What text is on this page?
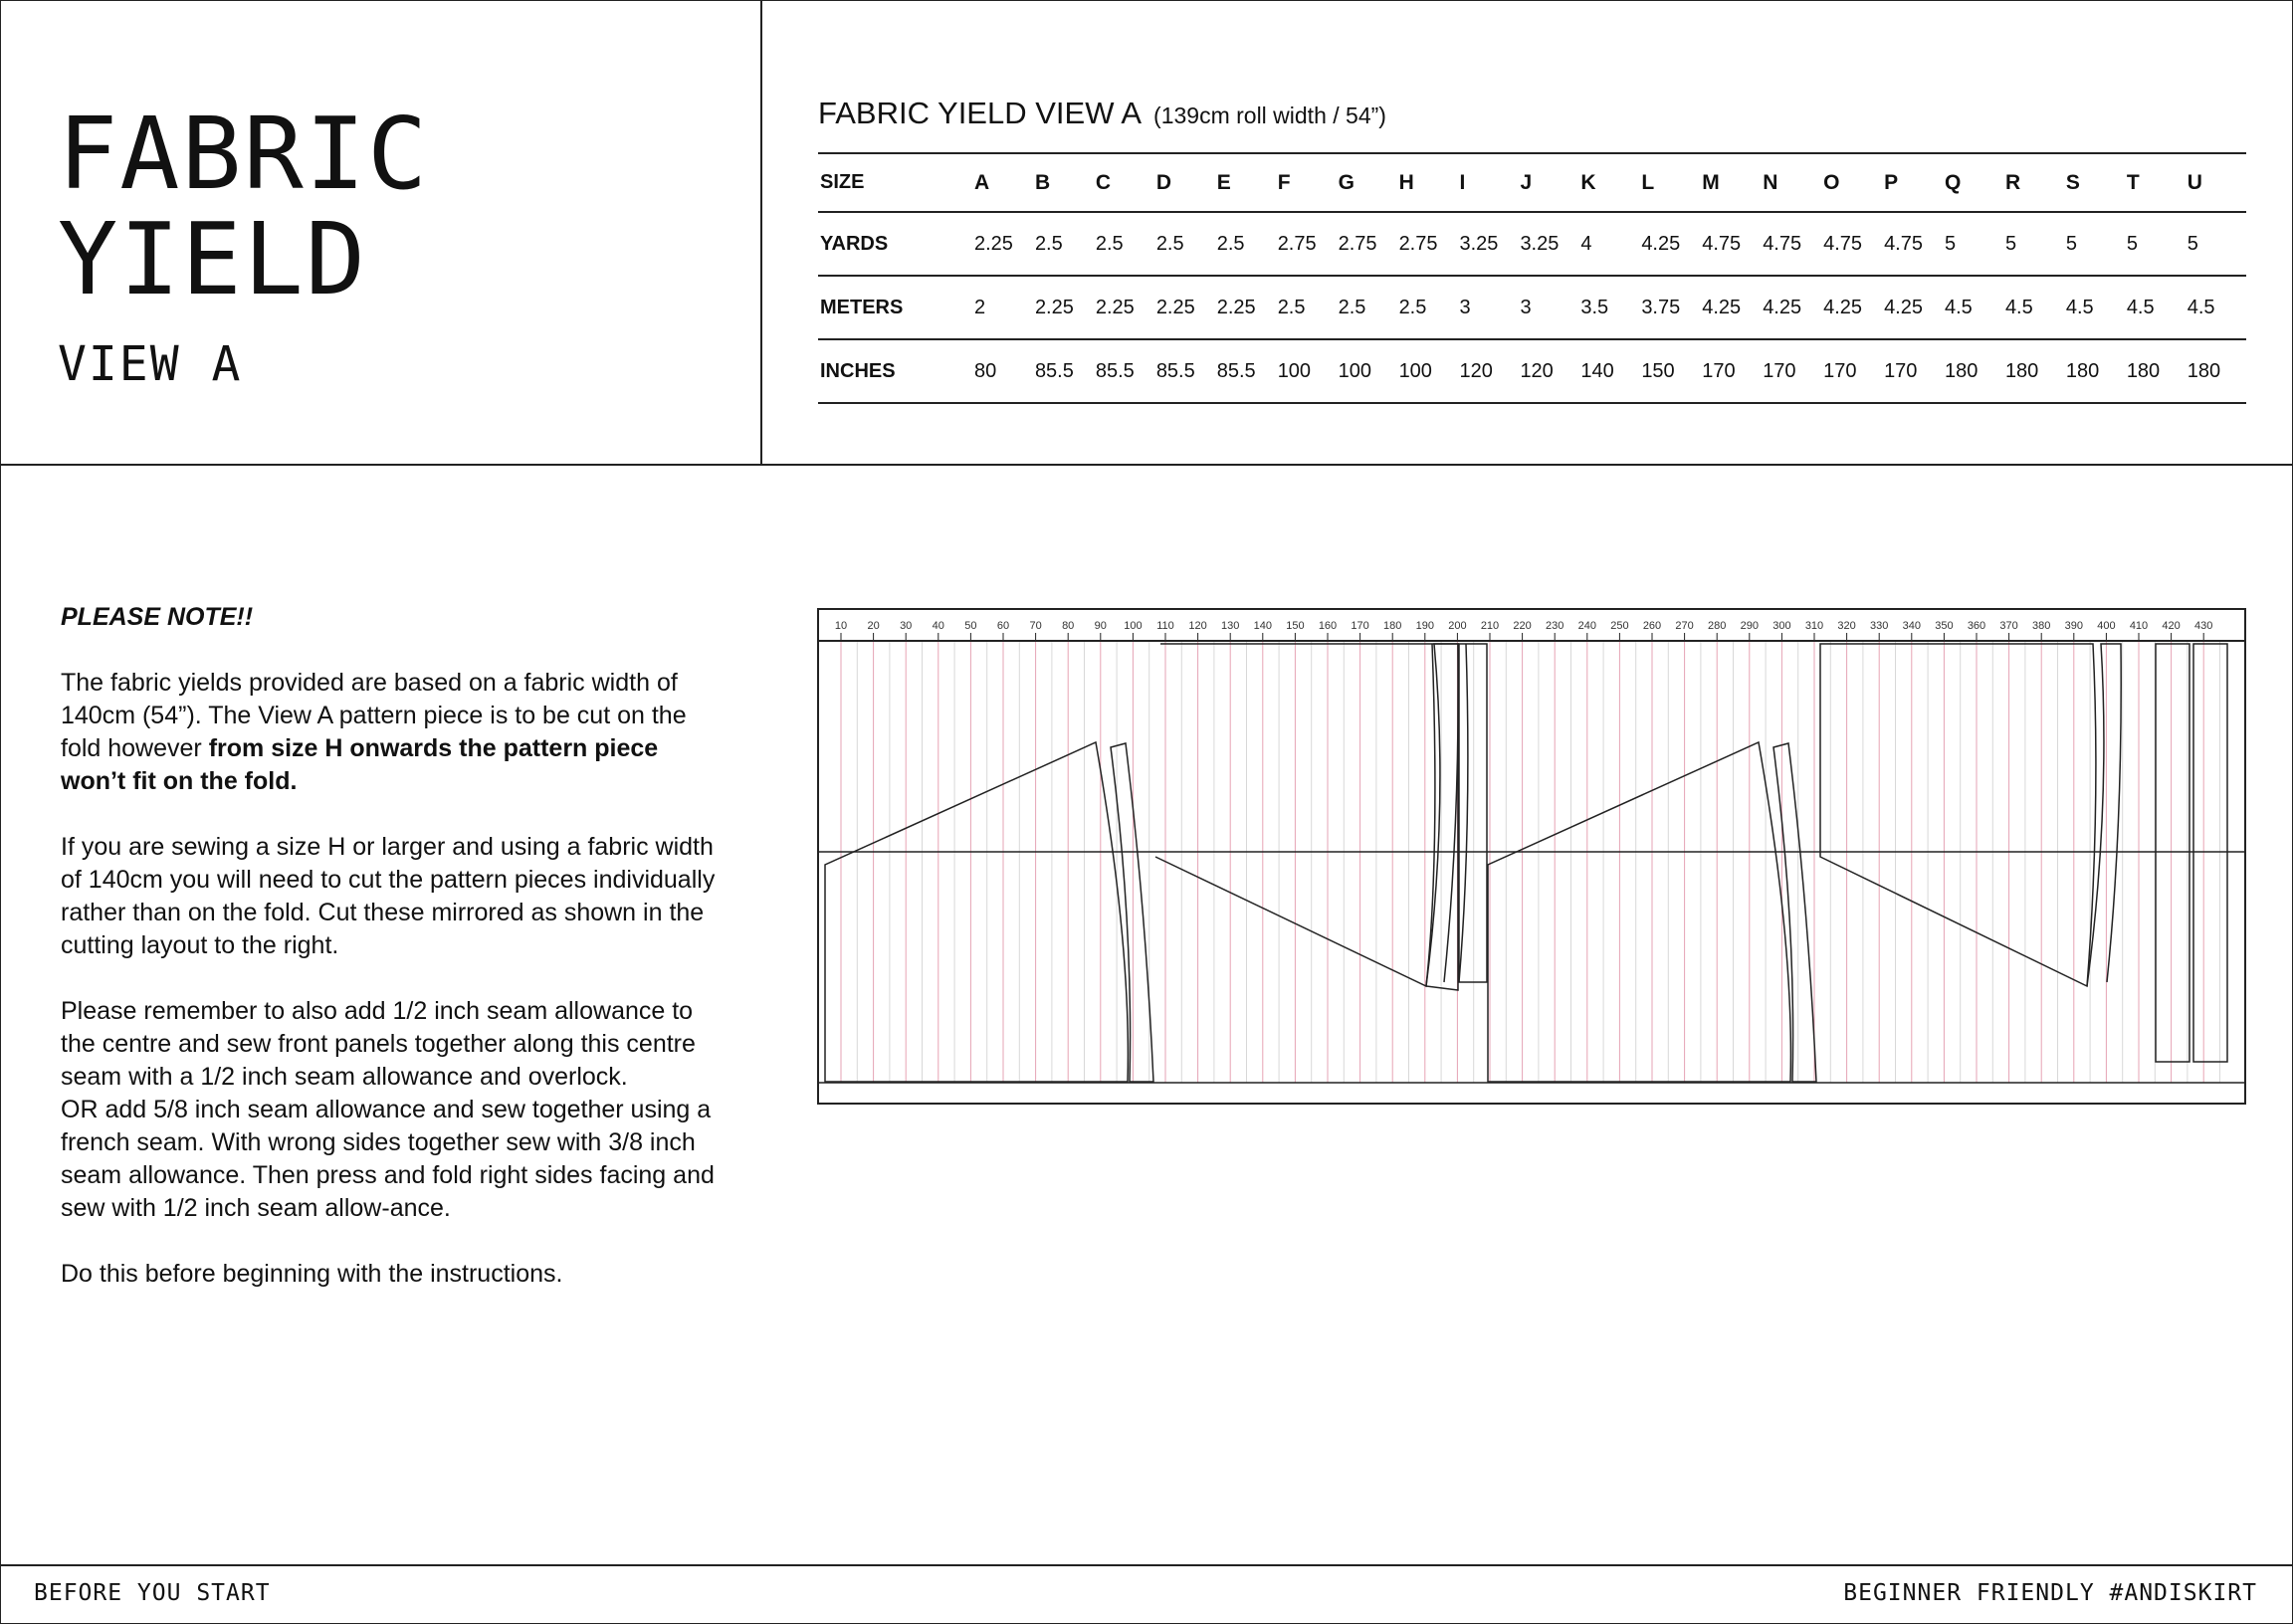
FABRIC
YIELD
VIEW A
FABRIC YIELD VIEW A (139cm roll width / 54”)
SIZE	A	B	C	D	E	F	G	H	I	J	K	L	M	N	O	P	Q	R	S	T	U
YARDS	2.25	2.5	2.5	2.5	2.5	2.75	2.75	2.75	3.25	3.25	4	4.25	4.75	4.75	4.75	4.75	5	5	5	5	5
METERS	2	2.25	2.25	2.25	2.25	2.5	2.5	2.5	3	3	3.5	3.75	4.25	4.25	4.25	4.25	4.5	4.5	4.5	4.5	4.5
INCHES	80	85.5	85.5	85.5	85.5	100	100	100	120	120	140	150	170	170	170	170	180	180	180	180	180

PLEASE NOTE!!

The fabric yields provided are based on a fabric width of 140cm (54”). The View A pattern piece is to be cut on the fold however from size H onwards the pattern piece won’t fit on the fold.

If you are sewing a size H or larger and using a fabric width of 140cm you will need to cut the pattern pieces individually rather than on the fold. Cut these mirrored as shown in the cutting layout to the right.

Please remember to also add 1/2 inch seam allowance to the centre and sew front panels together along this centre seam with a 1/2 inch seam allowance and overlock.
OR add 5/8 inch seam allowance and sew together using a french seam. With wrong sides together sew with 3/8 inch seam allowance. Then press and fold right sides facing and sew with 1/2 inch seam allow-ance.

Do this before beginning with the instructions.

10 20 30 40 50 60 70 80 90 100 110 120 130 140 150 160 170 180 190 200 210 220 230 240 250 260 270 280 290 300 310 320 330 340 350 360 370 380 390 400 410 420 430
BEFORE YOU START	BEGINNER FRIENDLY #ANDISKIRT
